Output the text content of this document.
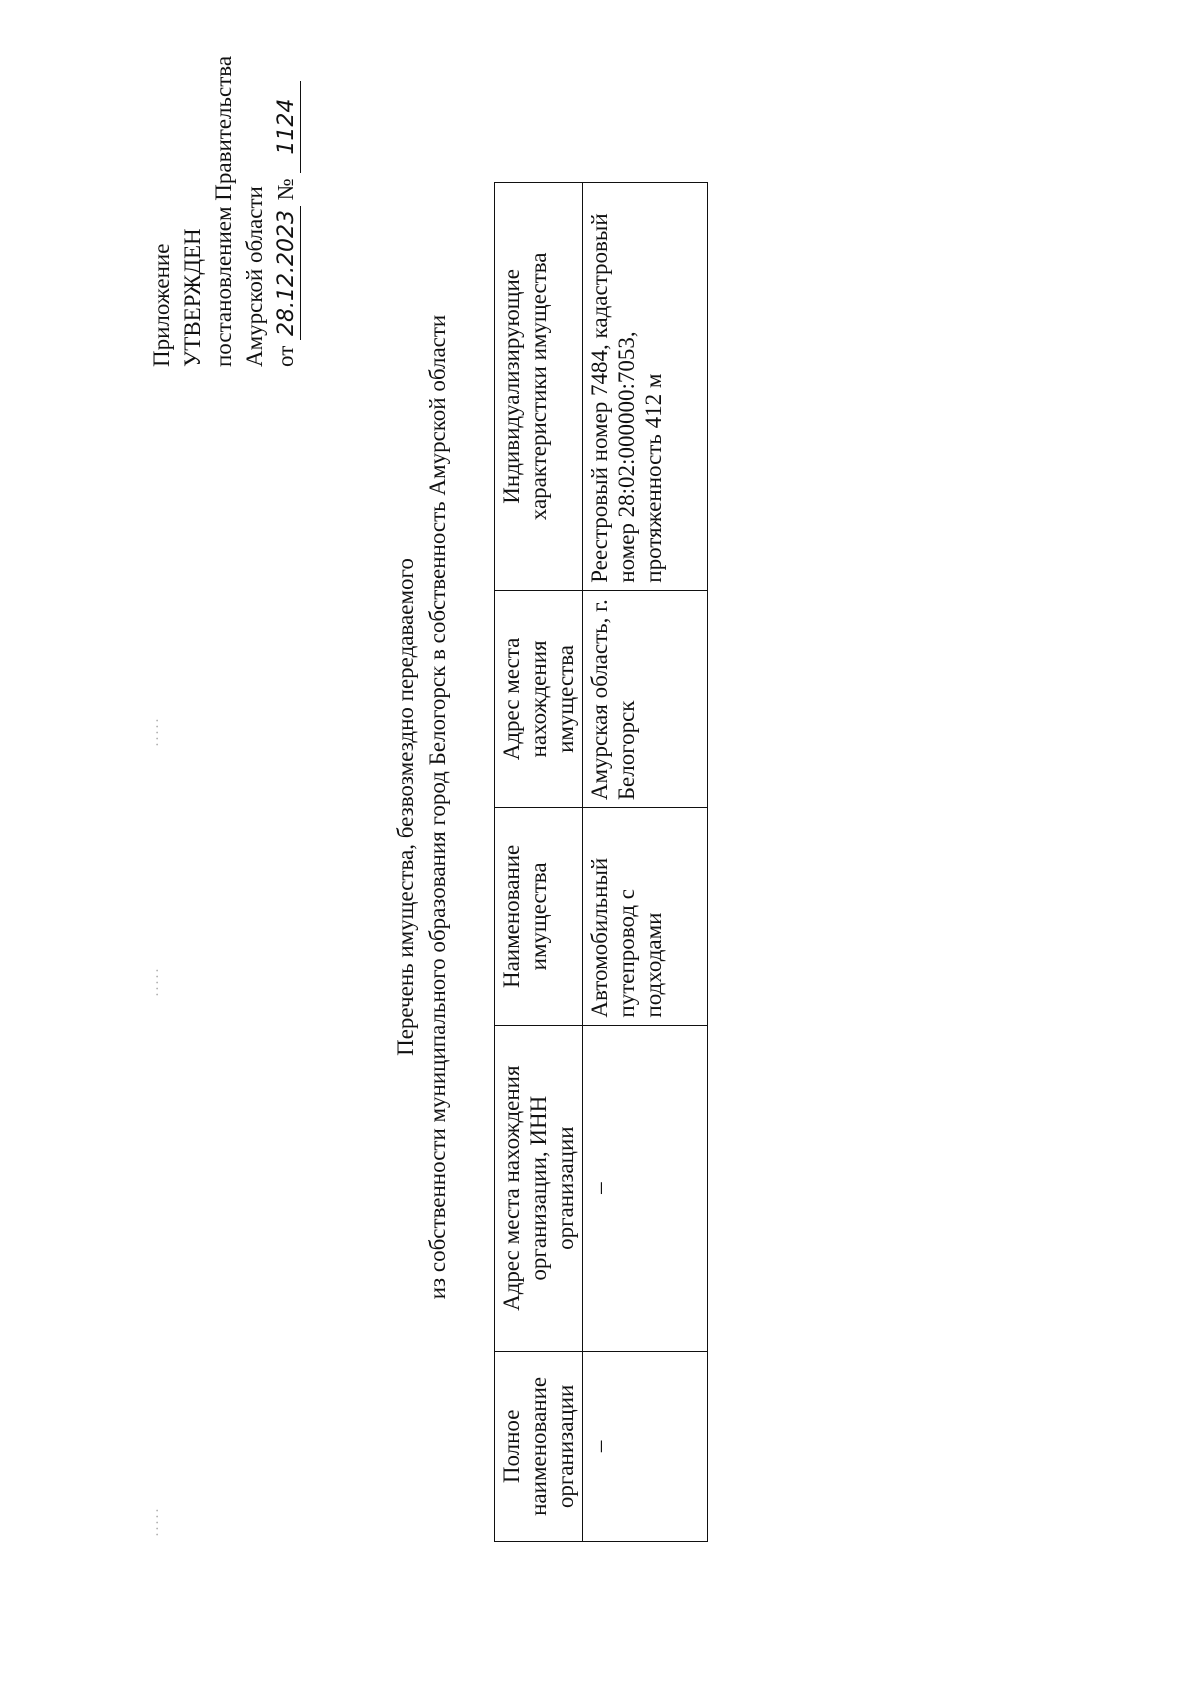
·····
·····
·····
Приложение УТВЕРЖДЕН постановлением Правительства Амурской области от 28.12.2023 № 1124
Перечень имущества, безвозмездно передаваемого из собственности муниципального образования город Белогорск в собственность Амурской области
Полное наименование организации	Адрес места нахождения организации, ИНН организации	Наименование имущества	Адрес места нахождения имущества	Индивидуализирующие характеристики имущества
–	–	Автомобильный путепровод с подходами	Амурская область, г. Белогорск	Реестровый номер 7484, кадастровый номер 28:02:000000:7053, протяженность 412 м
